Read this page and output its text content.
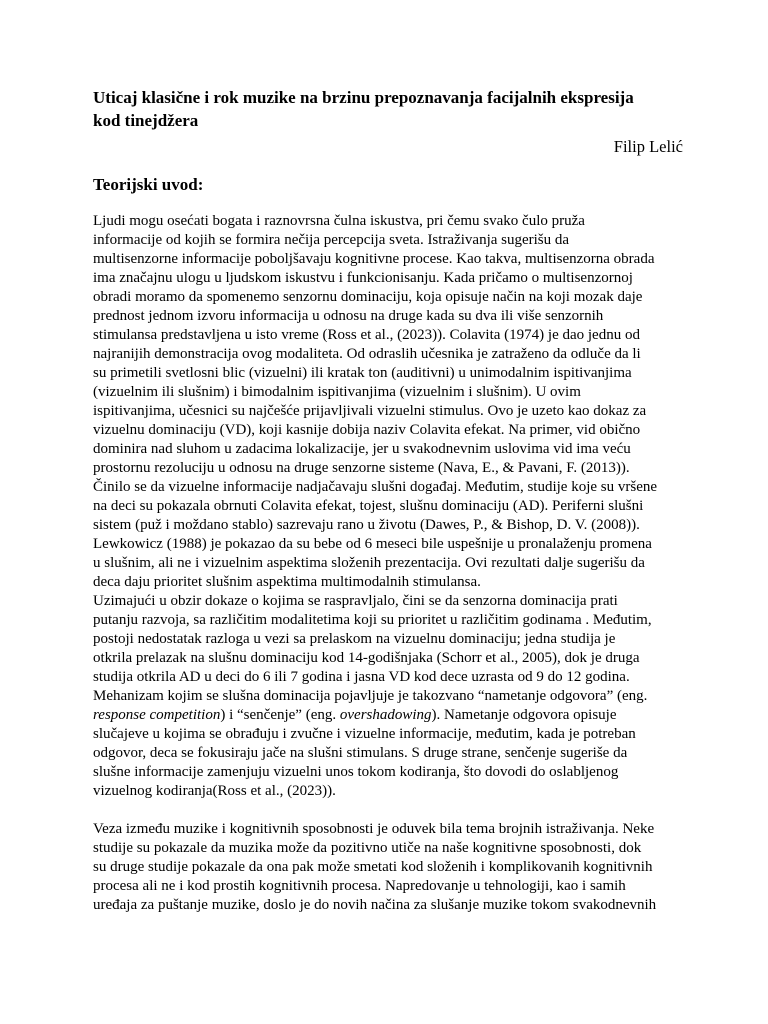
Uticaj klasične i rok muzike na brzinu prepoznavanja facijalnih ekspresija
kod tinejdžera

Filip Lelić

Teorijski uvod:

Ljudi mogu osećati bogata i raznovrsna čulna iskustva, pri čemu svako čulo pruža
informacije od kojih se formira nečija percepcija sveta. Istraživanja sugerišu da
multisenzorne informacije poboljšavaju kognitivne procese. Kao takva, multisenzorna obrada
ima značajnu ulogu u ljudskom iskustvu i funkcionisanju. Kada pričamo o multisenzornoj
obradi moramo da spomenemo senzornu dominaciju, koja opisuje način na koji mozak daje
prednost jednom izvoru informacija u odnosu na druge kada su dva ili više senzornih
stimulansa predstavljena u isto vreme (Ross et al., (2023)). Colavita (1974) je dao jednu od
najranijih demonstracija ovog modaliteta. Od odraslih učesnika je zatraženo da odluče da li
su primetili svetlosni blic (vizuelni) ili kratak ton (auditivni) u unimodalnim ispitivanjima
(vizuelnim ili slušnim) i bimodalnim ispitivanjima (vizuelnim i slušnim). U ovim
ispitivanjima, učesnici su najčešće prijavljivali vizuelni stimulus. Ovo je uzeto kao dokaz za
vizuelnu dominaciju (VD), koji kasnije dobija naziv Colavita efekat. Na primer, vid obično
dominira nad sluhom u zadacima lokalizacije, jer u svakodnevnim uslovima vid ima veću
prostornu rezoluciju u odnosu na druge senzorne sisteme (Nava, E., & Pavani, F. (2013)).
Činilo se da vizuelne informacije nadjačavaju slušni događaj. Međutim, studije koje su vršene
na deci su pokazala obrnuti Colavita efekat, tojest, slušnu dominaciju (AD). Periferni slušni
sistem (puž i moždano stablo) sazrevaju rano u životu (Dawes, P., & Bishop, D. V. (2008)).
Lewkowicz (1988) je pokazao da su bebe od 6 meseci bile uspešnije u pronalaženju promena
u slušnim, ali ne i vizuelnim aspektima složenih prezentacija. Ovi rezultati dalje sugerišu da
deca daju prioritet slušnim aspektima multimodalnih stimulansa.

Uzimajući u obzir dokaze o kojima se raspravljalo, čini se da senzorna dominacija prati
putanju razvoja, sa različitim modalitetima koji su prioritet u različitim godinama . Međutim,
postoji nedostatak razloga u vezi sa prelaskom na vizuelnu dominaciju; jedna studija je
otkrila prelazak na slušnu dominaciju kod 14-godišnjaka (Schorr et al., 2005), dok je druga
studija otkrila AD u deci do 6 ili 7 godina i jasna VD kod dece uzrasta od 9 do 12 godina.
Mehanizam kojim se slušna dominacija pojavljuje je takozvano “nametanje odgovora” (eng.
response competition) i “senčenje” (eng. overshadowing). Nametanje odgovora opisuje
slučajeve u kojima se obrađuju i zvučne i vizuelne informacije, međutim, kada je potreban
odgovor, deca se fokusiraju jače na slušni stimulans. S druge strane, senčenje sugeriše da
slušne informacije zamenjuju vizuelni unos tokom kodiranja, što dovodi do oslabljenog
vizuelnog kodiranja(Ross et al., (2023)).

Veza između muzike i kognitivnih sposobnosti je oduvek bila tema brojnih istraživanja. Neke
studije su pokazale da muzika može da pozitivno utiče na naše kognitivne sposobnosti, dok
su druge studije pokazale da ona pak može smetati kod složenih i komplikovanih kognitivnih
procesa ali ne i kod prostih kognitivnih procesa. Napredovanje u tehnologiji, kao i samih
uređaja za puštanje muzike, doslo je do novih načina za slušanje muzike tokom svakodnevnih
